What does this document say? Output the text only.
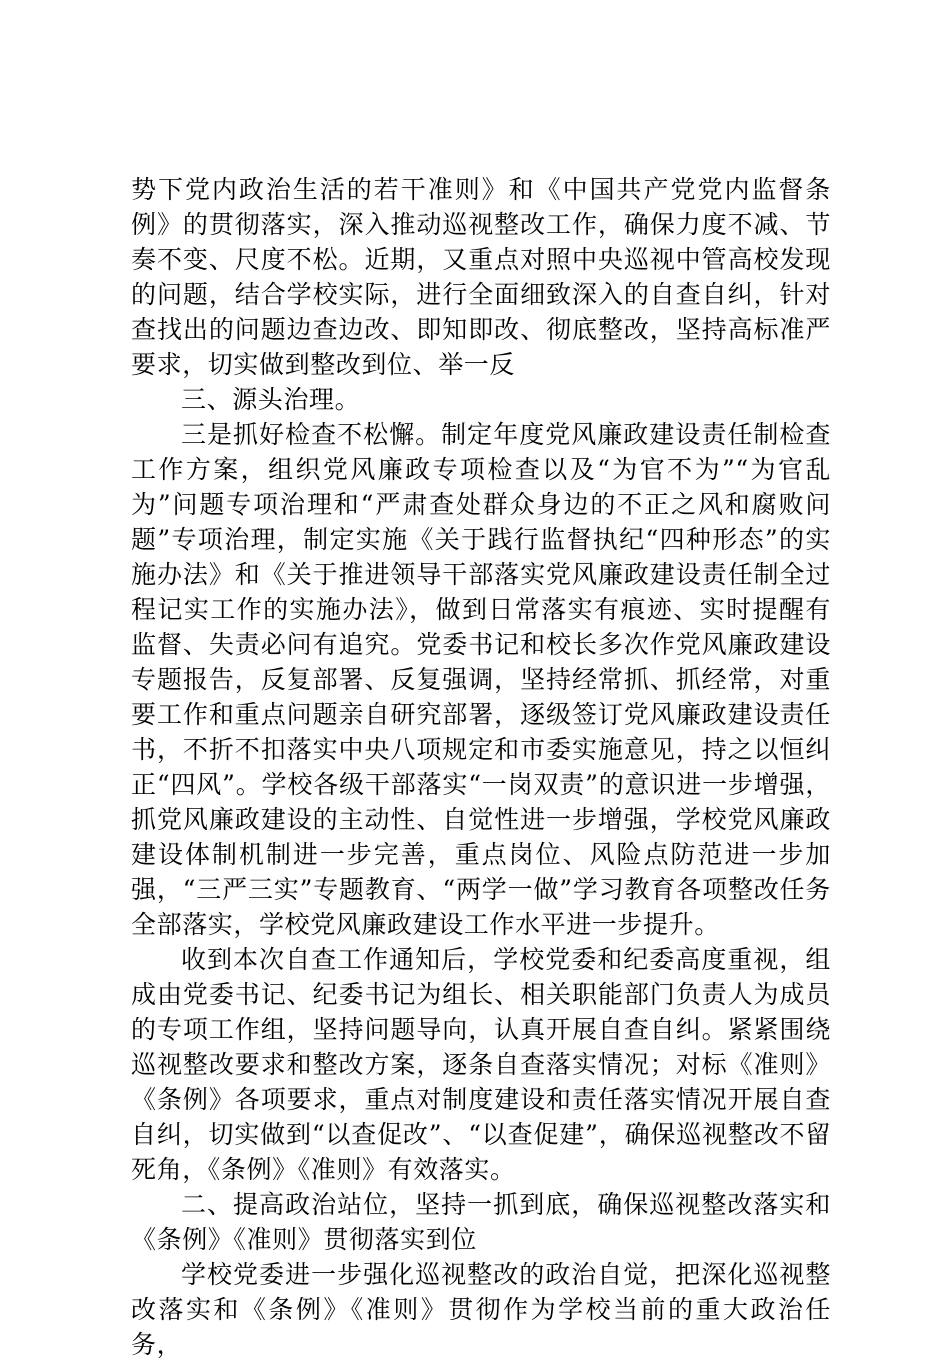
势下党内政治生活的若干准则》和《中国共产党党内监督条例》的贯彻落实，深入推动巡视整改工作，确保力度不减、节奏不变、尺度不松。近期，又重点对照中央巡视中管高校发现的问题，结合学校实际，进行全面细致深入的自查自纠，针对查找出的问题边查边改、即知即改、彻底整改，坚持高标准严要求，切实做到整改到位、举一反

三、源头治理。

三是抓好检查不松懈。制定年度党风廉政建设责任制检查工作方案，组织党风廉政专项检查以及“为官不为”“为官乱为”问题专项治理和“严肃查处群众身边的不正之风和腐败问题”专项治理，制定实施《关于践行监督执纪“四种形态”的实施办法》和《关于推进领导干部落实党风廉政建设责任制全过程记实工作的实施办法》，做到日常落实有痕迹、实时提醒有监督、失责必问有追究。党委书记和校长多次作党风廉政建设专题报告，反复部署、反复强调，坚持经常抓、抓经常，对重要工作和重点问题亲自研究部署，逐级签订党风廉政建设责任书，不折不扣落实中央八项规定和市委实施意见，持之以恒纠正“四风”。学校各级干部落实“一岗双责”的意识进一步增强，抓党风廉政建设的主动性、自觉性进一步增强，学校党风廉政建设体制机制进一步完善，重点岗位、风险点防范进一步加强，“三严三实”专题教育、“两学一做”学习教育各项整改任务全部落实，学校党风廉政建设工作水平进一步提升。

收到本次自查工作通知后，学校党委和纪委高度重视，组成由党委书记、纪委书记为组长、相关职能部门负责人为成员的专项工作组，坚持问题导向，认真开展自查自纠。紧紧围绕巡视整改要求和整改方案，逐条自查落实情况；对标《准则》《条例》各项要求，重点对制度建设和责任落实情况开展自查自纠，切实做到“以查促改”、“以查促建”，确保巡视整改不留死角，《条例》《准则》有效落实。

二、提高政治站位，坚持一抓到底，确保巡视整改落实和《条例》《准则》贯彻落实到位

学校党委进一步强化巡视整改的政治自觉，把深化巡视整改落实和《条例》《准则》贯彻作为学校当前的重大政治任务，
